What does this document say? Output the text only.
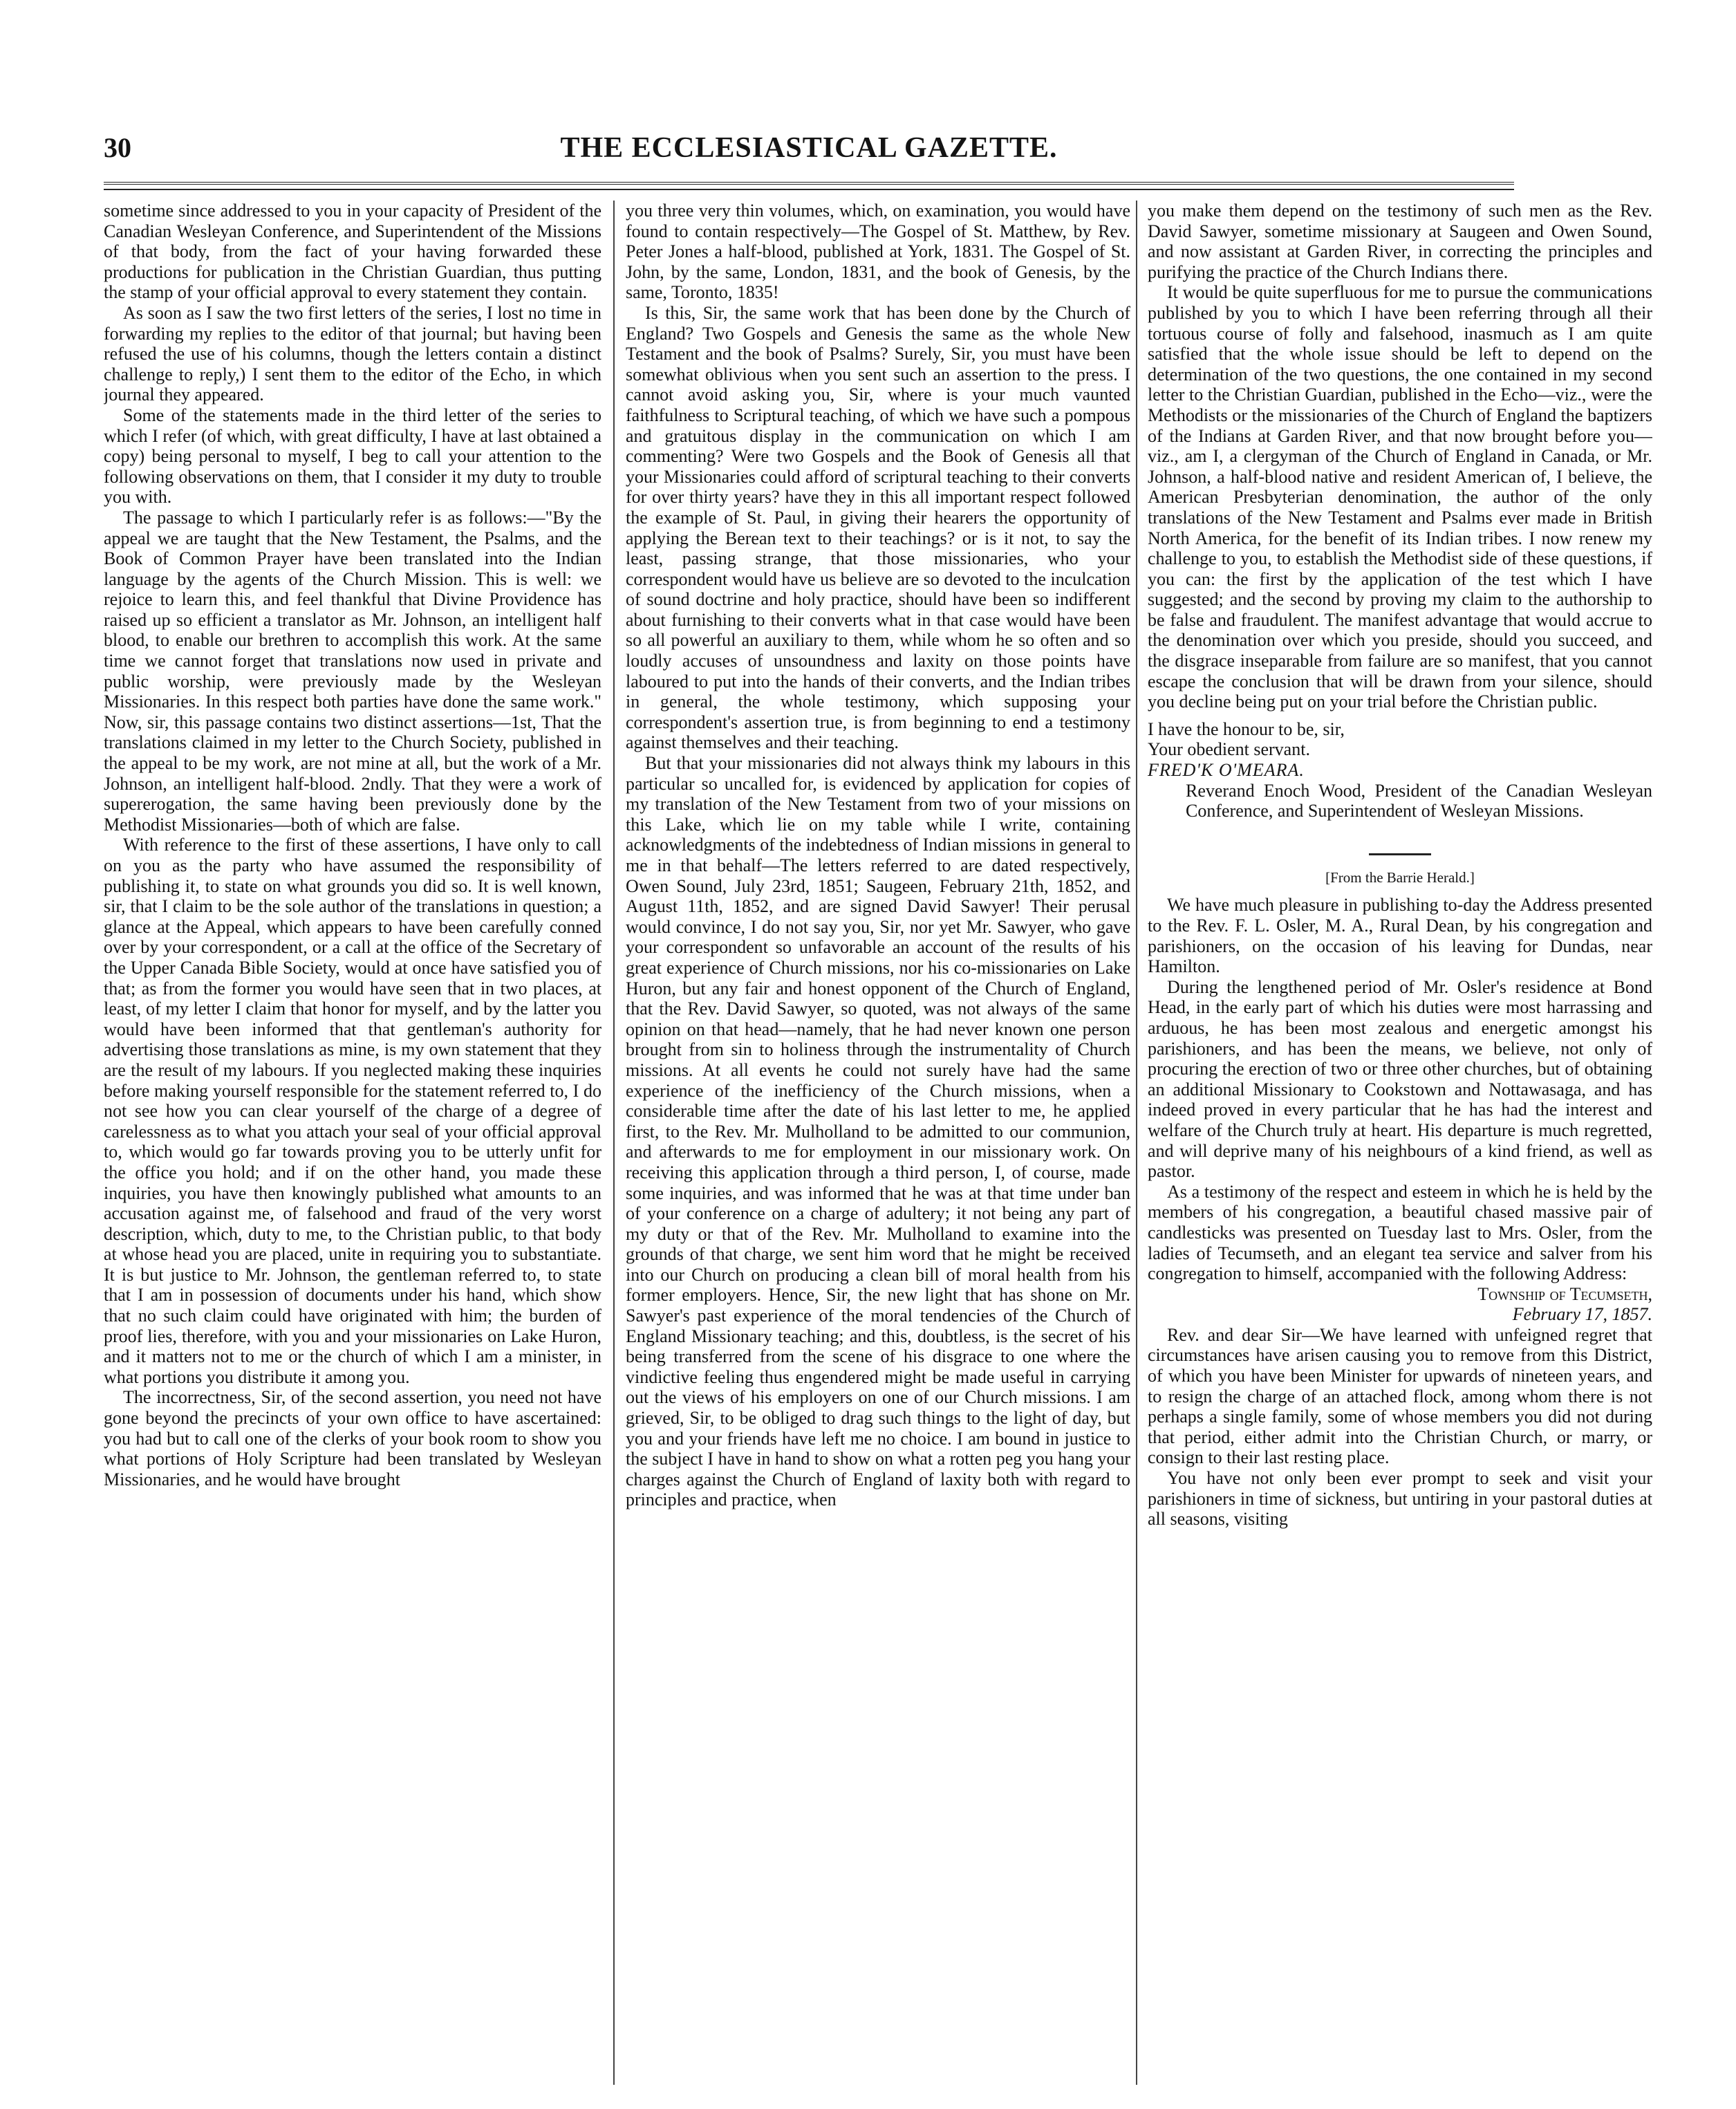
30	THE ECCLESIASTICAL GAZETTE.

sometime since addressed to you in your capacity of President of the Canadian Wesleyan Conference, and Superintendent of the Missions of that body, from the fact of your having forwarded these productions for publication in the Christian Guardian, thus putting the stamp of your official approval to every statement they contain.

As soon as I saw the two first letters of the series, I lost no time in forwarding my replies to the editor of that journal; but having been refused the use of his columns, though the letters contain a distinct challenge to reply,) I sent them to the editor of the Echo, in which journal they appeared.

Some of the statements made in the third letter of the series to which I refer (of which, with great difficulty, I have at last obtained a copy) being personal to myself, I beg to call your attention to the following observations on them, that I consider it my duty to trouble you with.

The passage to which I particularly refer is as follows:—"By the appeal we are taught that the New Testament, the Psalms, and the Book of Common Prayer have been translated into the Indian language by the agents of the Church Mission. This is well: we rejoice to learn this, and feel thankful that Divine Providence has raised up so efficient a translator as Mr. Johnson, an intelligent half blood, to enable our brethren to accomplish this work. At the same time we cannot forget that translations now used in private and public worship, were previously made by the Wesleyan Missionaries. In this respect both parties have done the same work." Now, sir, this passage contains two distinct assertions—1st, That the translations claimed in my letter to the Church Society, published in the appeal to be my work, are not mine at all, but the work of a Mr. Johnson, an intelligent half-blood. 2ndly. That they were a work of supererogation, the same having been previously done by the Methodist Missionaries—both of which are false.

With reference to the first of these assertions, I have only to call on you as the party who have assumed the responsibility of publishing it, to state on what grounds you did so. It is well known, sir, that I claim to be the sole author of the translations in question; a glance at the Appeal, which appears to have been carefully conned over by your correspondent, or a call at the office of the Secretary of the Upper Canada Bible Society, would at once have satisfied you of that; as from the former you would have seen that in two places, at least, of my letter I claim that honor for myself, and by the latter you would have been informed that that gentleman's authority for advertising those translations as mine, is my own statement that they are the result of my labours. If you neglected making these inquiries before making yourself responsible for the statement referred to, I do not see how you can clear yourself of the charge of a degree of carelessness as to what you attach your seal of your official approval to, which would go far towards proving you to be utterly unfit for the office you hold; and if on the other hand, you made these inquiries, you have then knowingly published what amounts to an accusation against me, of falsehood and fraud of the very worst description, which, duty to me, to the Christian public, to that body at whose head you are placed, unite in requiring you to substantiate. It is but justice to Mr. Johnson, the gentleman referred to, to state that I am in possession of documents under his hand, which show that no such claim could have originated with him; the burden of proof lies, therefore, with you and your missionaries on Lake Huron, and it matters not to me or the church of which I am a minister, in what portions you distribute it among you.

The incorrectness, Sir, of the second assertion, you need not have gone beyond the precincts of your own office to have ascertained: you had but to call one of the clerks of your book room to show you what portions of Holy Scripture had been translated by Wesleyan Missionaries, and he would have brought

you three very thin volumes, which, on examination, you would have found to contain respectively—The Gospel of St. Matthew, by Rev. Peter Jones a half-blood, published at York, 1831. The Gospel of St. John, by the same, London, 1831, and the book of Genesis, by the same, Toronto, 1835!

Is this, Sir, the same work that has been done by the Church of England? Two Gospels and Genesis the same as the whole New Testament and the book of Psalms? Surely, Sir, you must have been somewhat oblivious when you sent such an assertion to the press. I cannot avoid asking you, Sir, where is your much vaunted faithfulness to Scriptural teaching, of which we have such a pompous and gratuitous display in the communication on which I am commenting? Were two Gospels and the Book of Genesis all that your Missionaries could afford of scriptural teaching to their converts for over thirty years? have they in this all important respect followed the example of St. Paul, in giving their hearers the opportunity of applying the Berean text to their teachings? or is it not, to say the least, passing strange, that those missionaries, who your correspondent would have us believe are so devoted to the inculcation of sound doctrine and holy practice, should have been so indifferent about furnishing to their converts what in that case would have been so all powerful an auxiliary to them, while whom he so often and so loudly accuses of unsoundness and laxity on those points have laboured to put into the hands of their converts, and the Indian tribes in general, the whole testimony, which supposing your correspondent's assertion true, is from beginning to end a testimony against themselves and their teaching.

But that your missionaries did not always think my labours in this particular so uncalled for, is evidenced by application for copies of my translation of the New Testament from two of your missions on this Lake, which lie on my table while I write, containing acknowledgments of the indebtedness of Indian missions in general to me in that behalf—The letters referred to are dated respectively, Owen Sound, July 23rd, 1851; Saugeen, February 21th, 1852, and August 11th, 1852, and are signed David Sawyer! Their perusal would convince, I do not say you, Sir, nor yet Mr. Sawyer, who gave your correspondent so unfavorable an account of the results of his great experience of Church missions, nor his co-missionaries on Lake Huron, but any fair and honest opponent of the Church of England, that the Rev. David Sawyer, so quoted, was not always of the same opinion on that head—namely, that he had never known one person brought from sin to holiness through the instrumentality of Church missions. At all events he could not surely have had the same experience of the inefficiency of the Church missions, when a considerable time after the date of his last letter to me, he applied first, to the Rev. Mr. Mulholland to be admitted to our communion, and afterwards to me for employment in our missionary work. On receiving this application through a third person, I, of course, made some inquiries, and was informed that he was at that time under ban of your conference on a charge of adultery; it not being any part of my duty or that of the Rev. Mr. Mulholland to examine into the grounds of that charge, we sent him word that he might be received into our Church on producing a clean bill of moral health from his former employers. Hence, Sir, the new light that has shone on Mr. Sawyer's past experience of the moral tendencies of the Church of England Missionary teaching; and this, doubtless, is the secret of his being transferred from the scene of his disgrace to one where the vindictive feeling thus engendered might be made useful in carrying out the views of his employers on one of our Church missions. I am grieved, Sir, to be obliged to drag such things to the light of day, but you and your friends have left me no choice. I am bound in justice to the subject I have in hand to show on what a rotten peg you hang your charges against the Church of England of laxity both with regard to principles and practice, when

you make them depend on the testimony of such men as the Rev. David Sawyer, sometime missionary at Saugeen and Owen Sound, and now assistant at Garden River, in correcting the principles and purifying the practice of the Church Indians there.

It would be quite superfluous for me to pursue the communications published by you to which I have been referring through all their tortuous course of folly and falsehood, inasmuch as I am quite satisfied that the whole issue should be left to depend on the determination of the two questions, the one contained in my second letter to the Christian Guardian, published in the Echo—viz., were the Methodists or the missionaries of the Church of England the baptizers of the Indians at Garden River, and that now brought before you—viz., am I, a clergyman of the Church of England in Canada, or Mr. Johnson, a half-blood native and resident American of, I believe, the American Presbyterian denomination, the author of the only translations of the New Testament and Psalms ever made in British North America, for the benefit of its Indian tribes. I now renew my challenge to you, to establish the Methodist side of these questions, if you can: the first by the application of the test which I have suggested; and the second by proving my claim to the authorship to be false and fraudulent. The manifest advantage that would accrue to the denomination over which you preside, should you succeed, and the disgrace inseparable from failure are so manifest, that you cannot escape the conclusion that will be drawn from your silence, should you decline being put on your trial before the Christian public.

I have the honour to be, sir,

Your obedient servant.

FRED'K O'MEARA.

Reverand Enoch Wood, President of the Canadian Wesleyan Conference, and Superintendent of Wesleyan Missions.

[From the Barrie Herald.]

We have much pleasure in publishing to-day the Address presented to the Rev. F. L. Osler, M. A., Rural Dean, by his congregation and parishioners, on the occasion of his leaving for Dundas, near Hamilton.

During the lengthened period of Mr. Osler's residence at Bond Head, in the early part of which his duties were most harrassing and arduous, he has been most zealous and energetic amongst his parishioners, and has been the means, we believe, not only of procuring the erection of two or three other churches, but of obtaining an additional Missionary to Cookstown and Nottawasaga, and has indeed proved in every particular that he has had the interest and welfare of the Church truly at heart. His departure is much regretted, and will deprive many of his neighbours of a kind friend, as well as pastor.

As a testimony of the respect and esteem in which he is held by the members of his congregation, a beautiful chased massive pair of candlesticks was presented on Tuesday last to Mrs. Osler, from the ladies of Tecumseth, and an elegant tea service and salver from his congregation to himself, accompanied with the following Address:

Township of Tecumseth,

February 17, 1857.

Rev. and dear Sir—We have learned with unfeigned regret that circumstances have arisen causing you to remove from this District, of which you have been Minister for upwards of nineteen years, and to resign the charge of an attached flock, among whom there is not perhaps a single family, some of whose members you did not during that period, either admit into the Christian Church, or marry, or consign to their last resting place.

You have not only been ever prompt to seek and visit your parishioners in time of sickness, but untiring in your pastoral duties at all seasons, visiting
